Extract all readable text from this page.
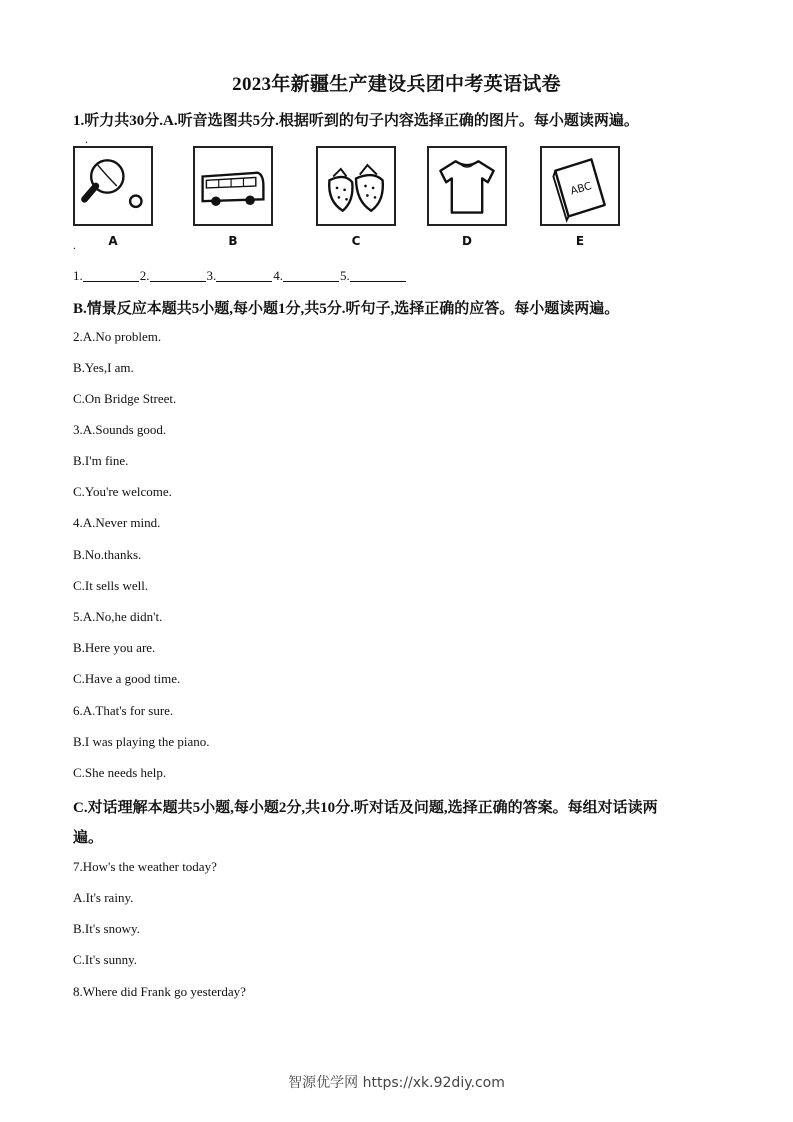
2023年新疆生产建设兵团中考英语试卷
1.听力共30分.A.听音选图共5分.根据听到的句子内容选择正确的图片。每小题读两遍。
.
.	A	B	C	D
ABC
E
1.	2.	3.	4.	5.
B.情景反应本题共5小题,每小题1分,共5分.听句子,选择正确的应答。每小题读两遍。
2.A.No problem.
B.Yes,I am.
C.On Bridge Street.
3.A.Sounds good.
B.I'm fine.
C.You're welcome.
4.A.Never mind.
B.No.thanks.
C.It sells well.
5.A.No,he didn't.
B.Here you are.
C.Have a good time.
6.A.That's for sure.
B.I was playing the piano.
C.She needs help.
C.对话理解本题共5小题,每小题2分,共10分.听对话及问题,选择正确的答案。每组对话读两
遍。
7.How's the weather today?
A.It's rainy.
B.It's snowy.
C.It's sunny.
8.Where did Frank go yesterday?
智源优学网 https://xk.92diy.com
